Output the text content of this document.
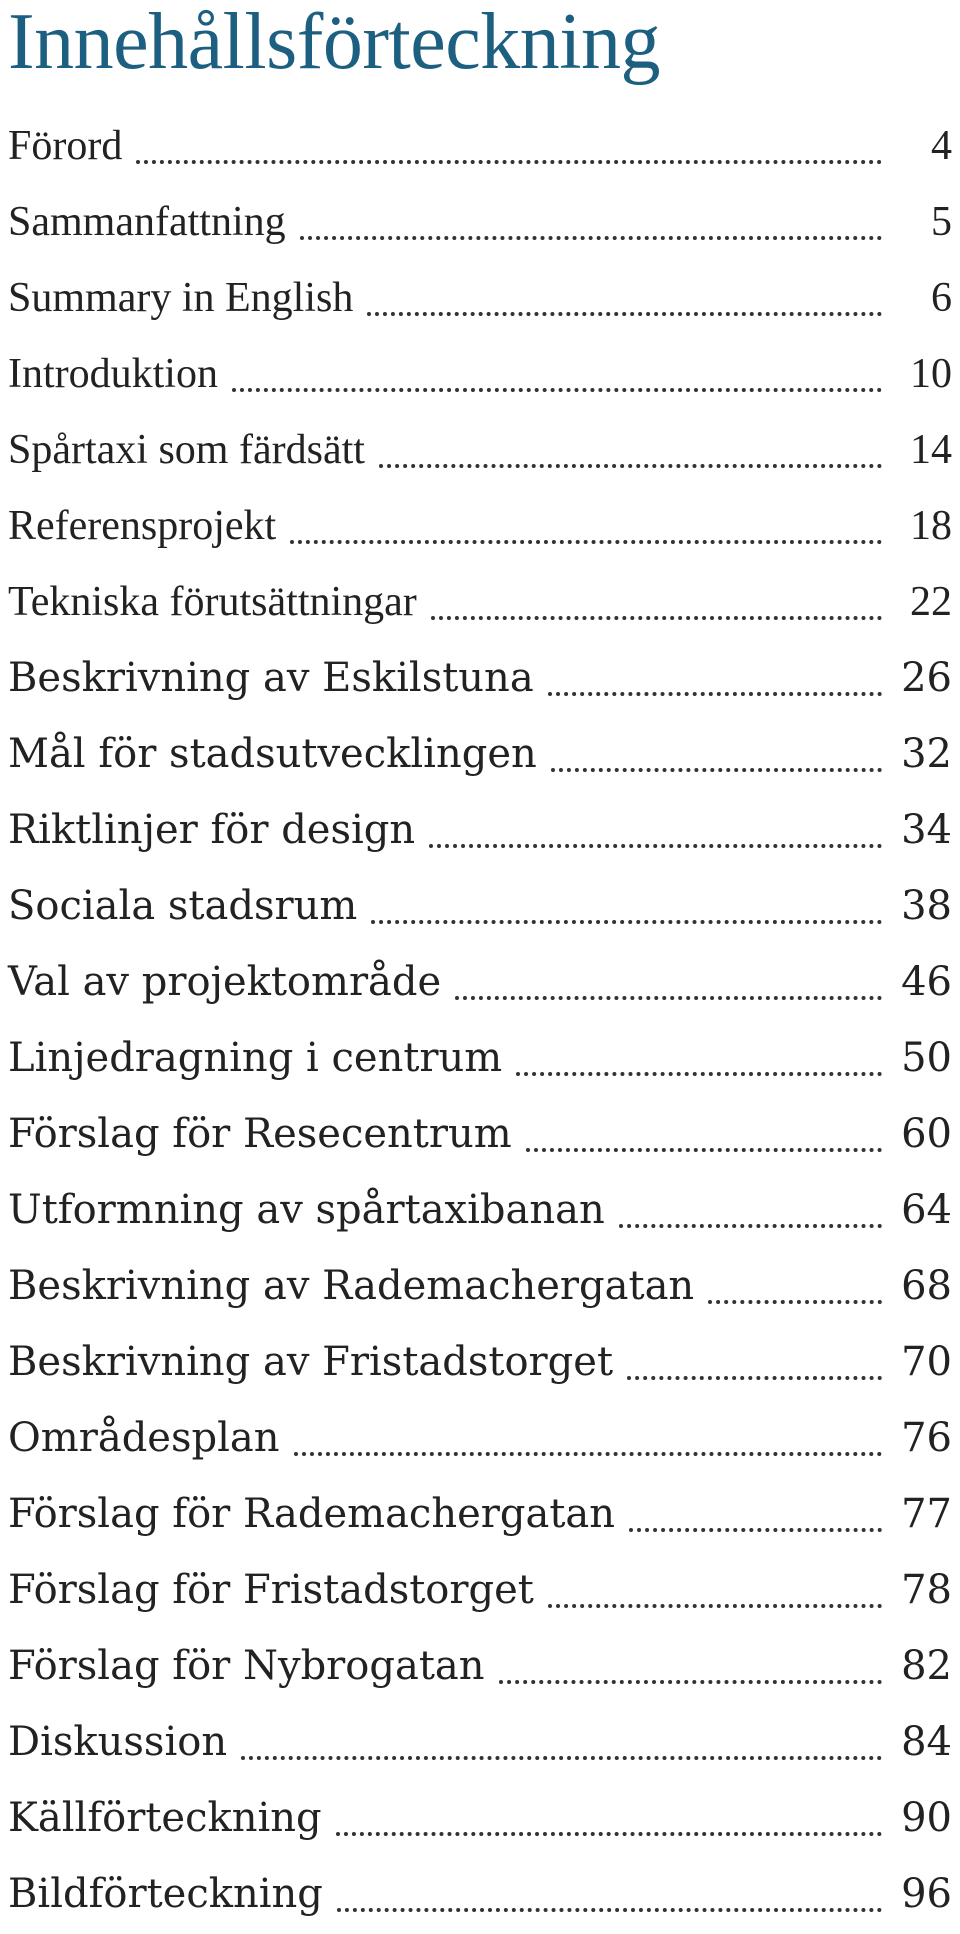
Innehållsförteckning
Förord	4
Sammanfattning	5
Summary in English	6
Introduktion	10
Spårtaxi som färdsätt	14
Referensprojekt	18
Tekniska förutsättningar	22
Beskrivning av Eskilstuna	26
Mål för stadsutvecklingen	32
Riktlinjer för design	34
Sociala stadsrum	38
Val av projektområde	46
Linjedragning i centrum	50
Förslag för Resecentrum	60
Utformning av spårtaxibanan	64
Beskrivning av Rademachergatan	68
Beskrivning av Fristadstorget	70
Områdesplan	76
Förslag för Rademachergatan	77
Förslag för Fristadstorget	78
Förslag för Nybrogatan	82
Diskussion	84
Källförteckning	90
Bildförteckning	96
